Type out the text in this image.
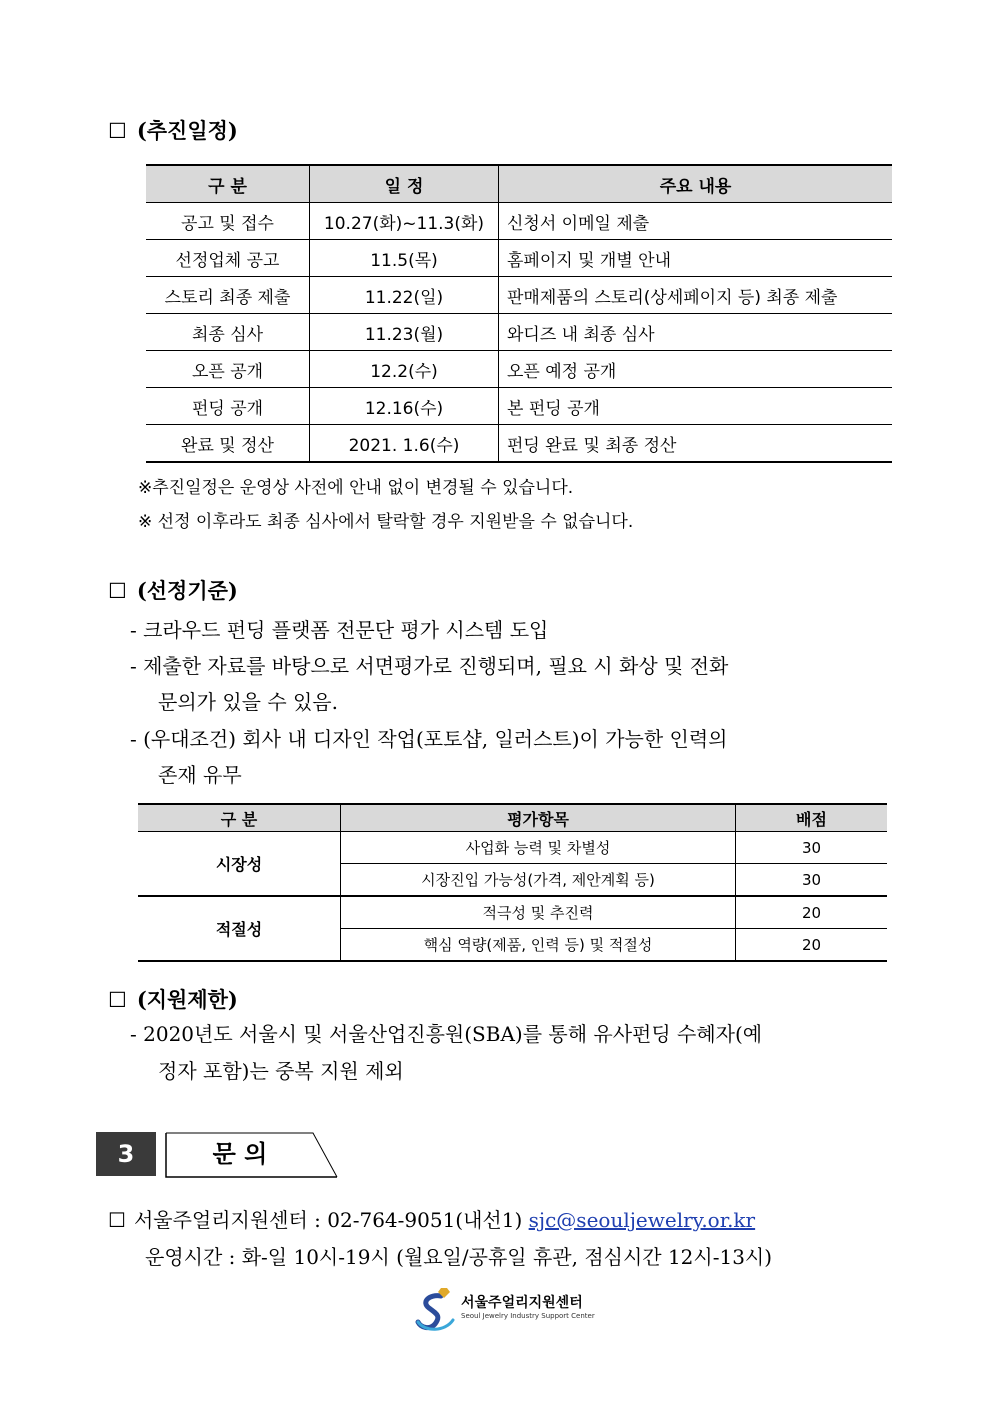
☐ (추진일정)
구 분	일 정	주요 내용
공고 및 접수	10.27(화)~11.3(화)	신청서 이메일 제출
선정업체 공고	11.5(목)	홈페이지 및 개별 안내
스토리 최종 제출	11.22(일)	판매제품의 스토리(상세페이지 등) 최종 제출
최종 심사	11.23(월)	와디즈 내 최종 심사
오픈 공개	12.2(수)	오픈 예정 공개
펀딩 공개	12.16(수)	본 펀딩 공개
완료 및 정산	2021. 1.6(수)	펀딩 완료 및 최종 정산
※추진일정은 운영상 사전에 안내 없이 변경될 수 있습니다.
※ 선정 이후라도 최종 심사에서 탈락할 경우 지원받을 수 없습니다.
☐ (선정기준)
- 크라우드 펀딩 플랫폼 전문단 평가 시스템 도입
- 제출한 자료를 바탕으로 서면평가로 진행되며, 필요 시 화상 및 전화
문의가 있을 수 있음.
- (우대조건) 회사 내 디자인 작업(포토샵, 일러스트)이 가능한 인력의
존재 유무
구 분	평가항목	배점
시장성	사업화 능력 및 차별성	30
	시장진입 가능성(가격, 제안계획 등)	30
적절성	적극성 및 추진력	20
	핵심 역량(제품, 인력 등) 및 적절성	20
☐ (지원제한)
- 2020년도 서울시 및 서울산업진흥원(SBA)를 통해 유사펀딩 수혜자(예
정자 포함)는 중복 지원 제외
3	문 의
☐ 서울주얼리지원센터 : 02-764-9051(내선1) sjc@seouljewelry.or.kr
운영시간 : 화-일 10시-19시 (월요일/공휴일 휴관, 점심시간 12시-13시)
서울주얼리지원센터
Seoul Jewelry Industry Support Center
